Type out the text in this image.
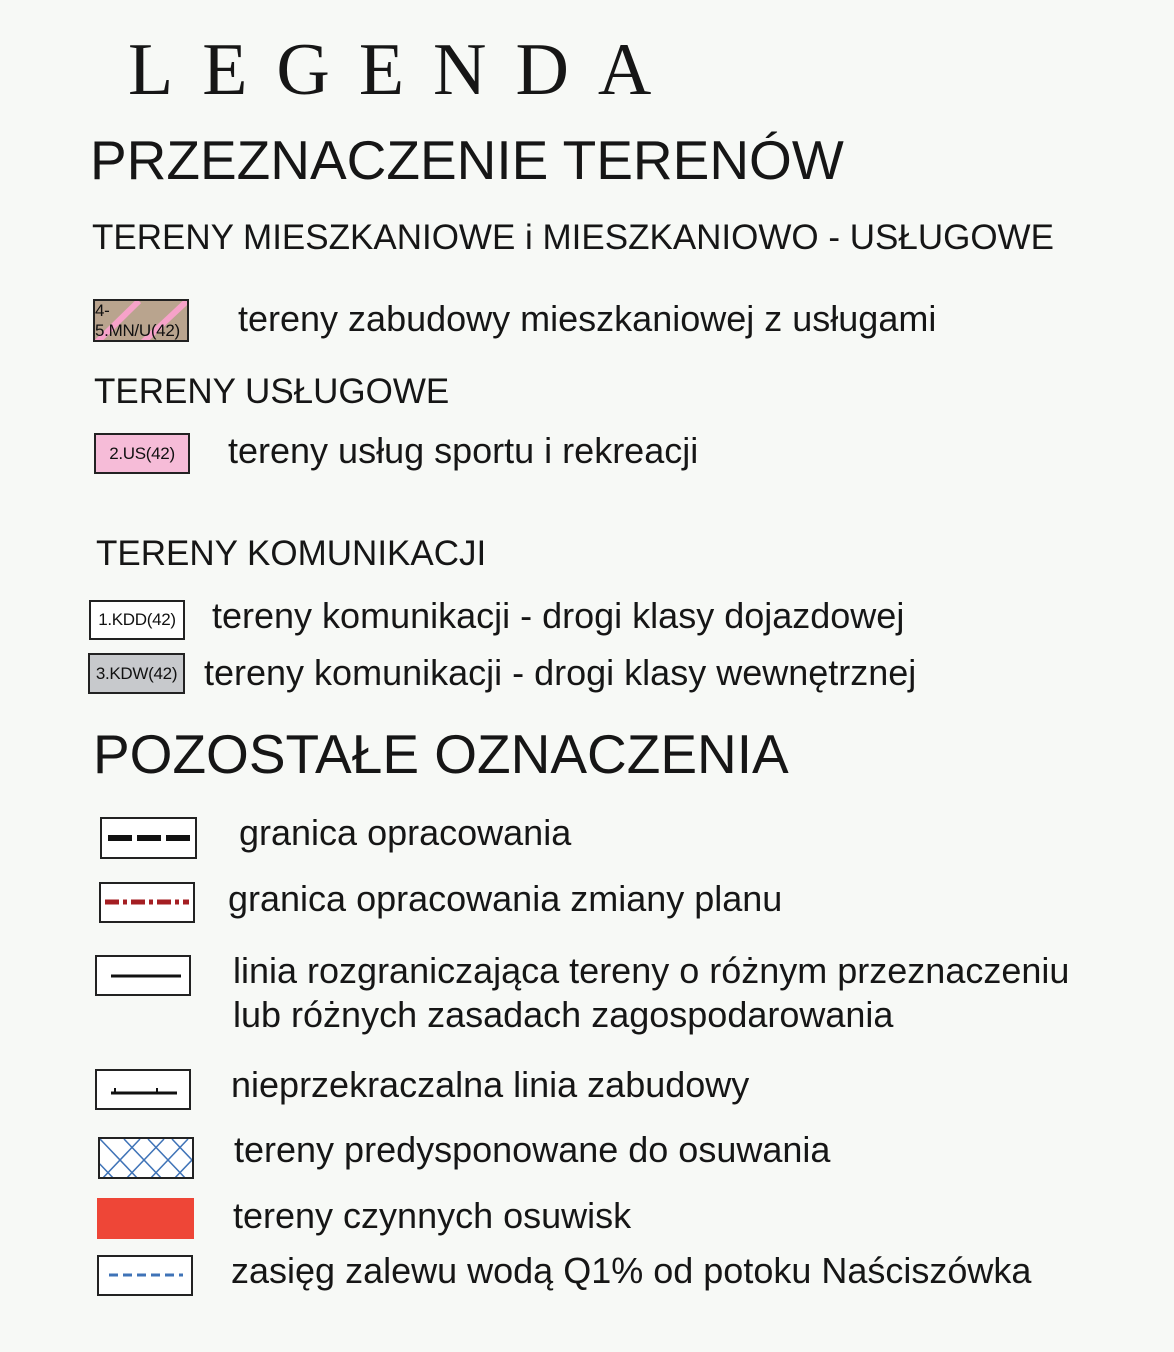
LEGENDA
PRZEZNACZENIE TERENÓW
TERENY MIESZKANIOWE i MIESZKANIOWO - USŁUGOWE
4-5.MN/U(42) tereny zabudowy mieszkaniowej z usługami
TERENY USŁUGOWE
2.US(42) tereny usług sportu i rekreacji
TERENY KOMUNIKACJI
1.KDD(42) tereny komunikacji - drogi klasy dojazdowej
3.KDW(42) tereny komunikacji - drogi klasy wewnętrznej
POZOSTAŁE OZNACZENIA
granica opracowania
granica opracowania zmiany planu
linia rozgraniczająca tereny o różnym przeznaczeniu
lub różnych zasadach zagospodarowania
nieprzekraczalna linia zabudowy
tereny predysponowane do osuwania
tereny czynnych osuwisk
zasięg zalewu wodą Q1% od potoku Naściszówka
